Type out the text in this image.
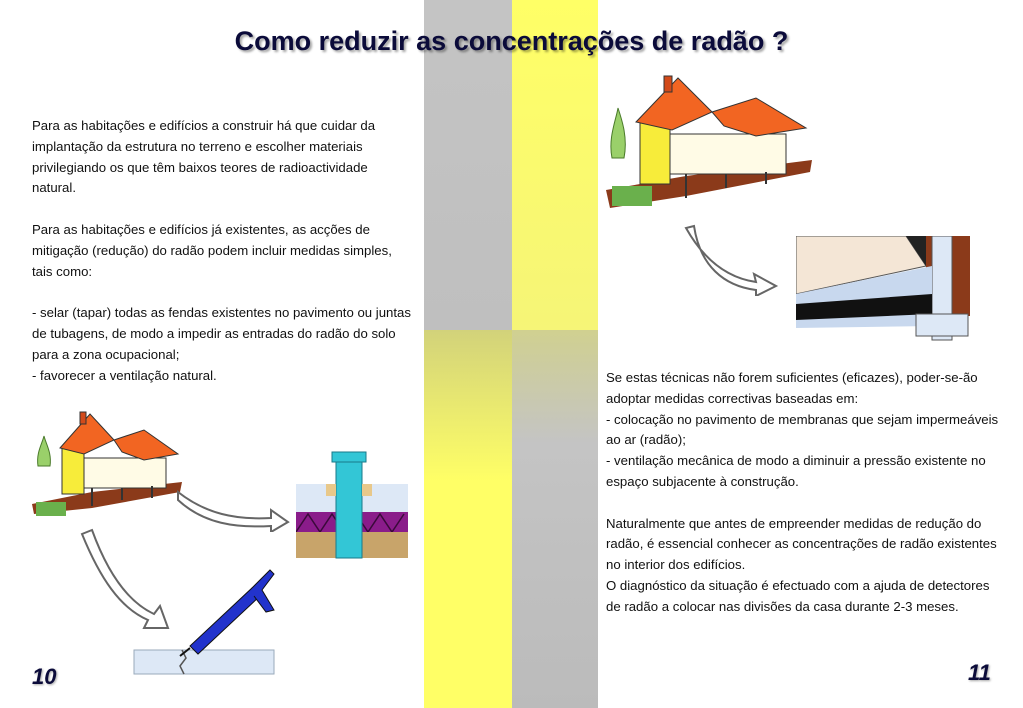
Como reduzir as concentrações de radão ?

Para as habitações e edifícios a construir há que cuidar da implantação da estrutura no terreno e escolher materiais privilegiando os que têm baixos teores de radioactividade natural.

Para as habitações e edifícios já existentes, as acções de mitigação (redução) do radão podem incluir medidas simples, tais como:

- selar (tapar) todas as fendas existentes no pavimento ou juntas de tubagens, de modo a impedir as entradas do radão do solo para a zona ocupacional;

- favorecer a ventilação natural.	Se estas técnicas não forem suficientes (eficazes), poder-se-ão adoptar medidas correctivas baseadas em:

- colocação no pavimento de membranas que sejam impermeáveis ao ar (radão);

- ventilação mecânica de modo a diminuir a pressão existente no espaço subjacente à construção.

Naturalmente que antes de empreender medidas de redução do radão, é essencial conhecer as concentrações de radão existentes no interior dos edifícios.

O diagnóstico da situação é efectuado com a ajuda de detectores de radão a colocar nas divisões da casa durante 2-3 meses.

10	11
